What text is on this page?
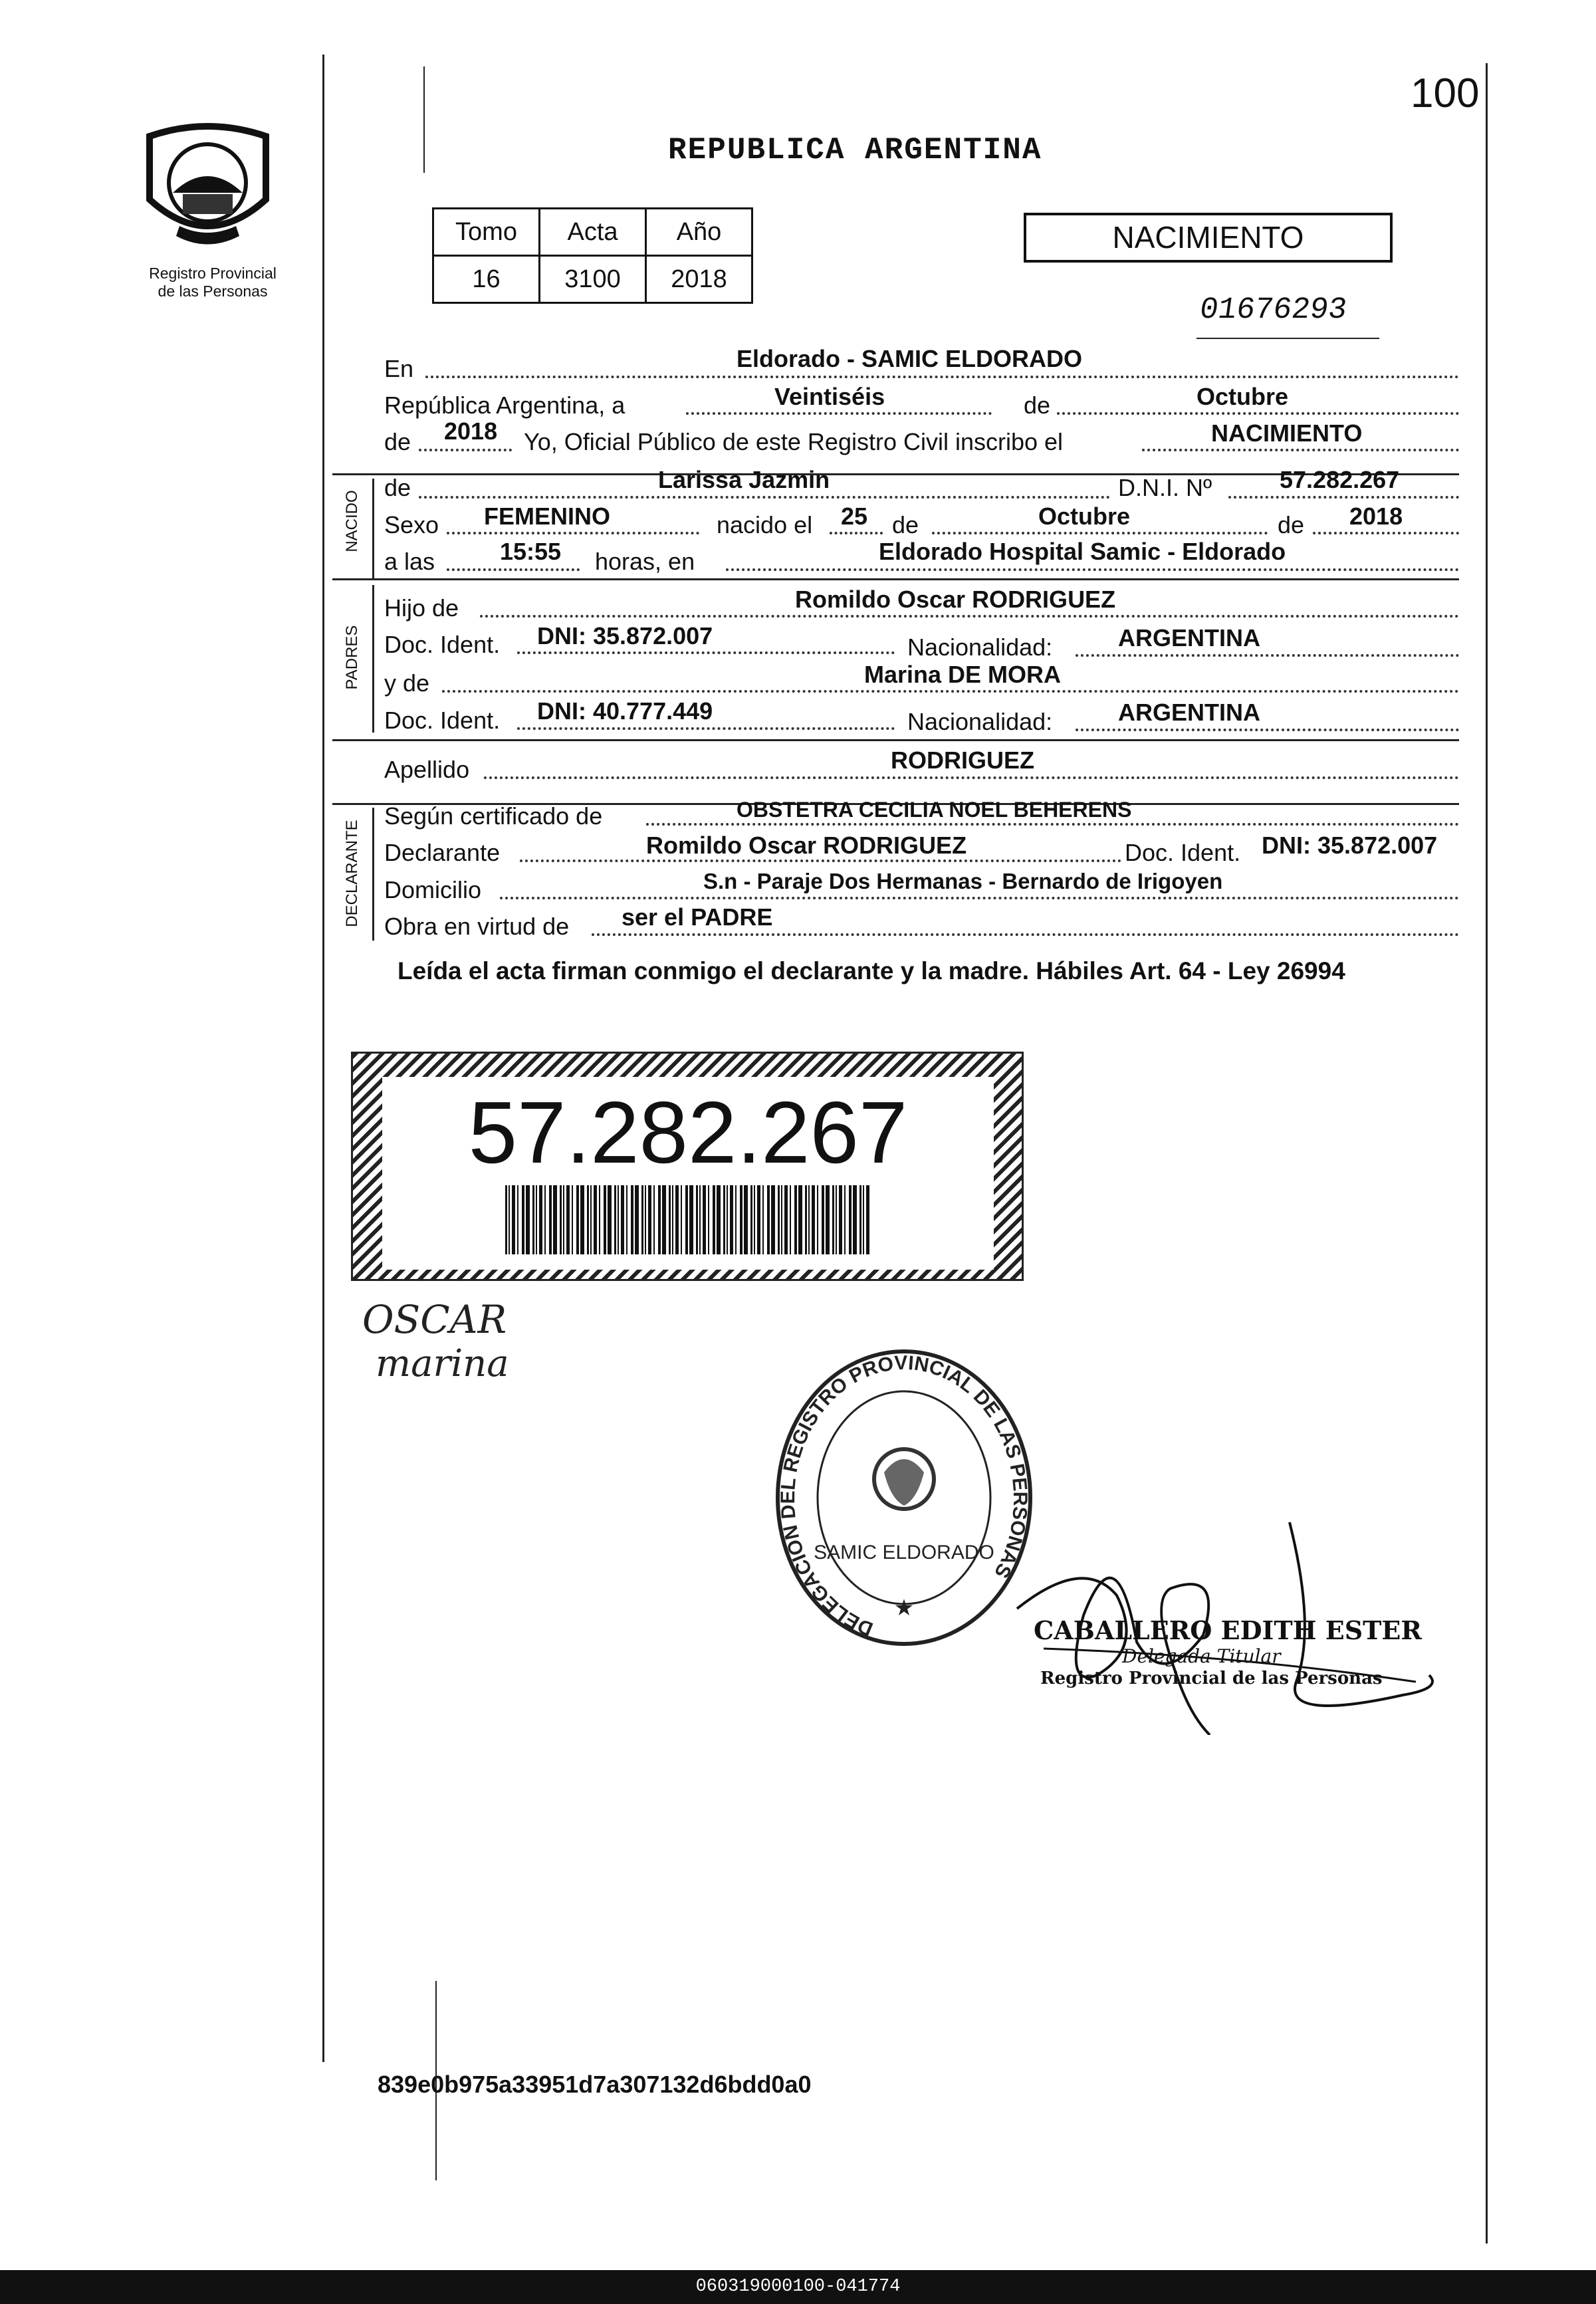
Registro Provincial
de las Personas
100
REPUBLICA ARGENTINA
Tomo	Acta	Año
16	3100	2018
NACIMIENTO
01676293
NACIDO
PADRES
DECLARANTE
En	Eldorado - SAMIC ELDORADO
República Argentina, a	Veintiséis	de	Octubre
de 2018 Yo, Oficial Público de este Registro Civil inscribo el	NACIMIENTO
de	Larissa Jazmin	D.N.I. Nº	57.282.267
Sexo FEMENINO	nacido el 25 de	Octubre	de 2018
a las	15:55 horas, en	Eldorado Hospital Samic - Eldorado
Hijo de	Romildo Oscar RODRIGUEZ
Doc. Ident. DNI: 35.872.007	Nacionalidad:	ARGENTINA
y de	Marina DE MORA
Doc. Ident. DNI: 40.777.449	Nacionalidad:	ARGENTINA
Apellido	RODRIGUEZ
Según certificado de	OBSTETRA CECILIA NOEL BEHERENS
Declarante	Romildo Oscar RODRIGUEZ	Doc. Ident. DNI: 35.872.007
Domicilio	S.n - Paraje Dos Hermanas - Bernardo de Irigoyen
Obra en virtud de ser el PADRE
Leída el acta firman conmigo el declarante y la madre. Hábiles Art. 64 - Ley 26994
57.282.267
OSCAR
marina
DELEGACION DEL REGISTRO PROVINCIAL DE LAS PERSONAS
SAMIC ELDORADO
★
CABALLERO EDITH ESTER
Delegada Titular
Registro Provincial de las Personas
839e0b975a33951d7a307132d6bdd0a0
060319000100-041774
